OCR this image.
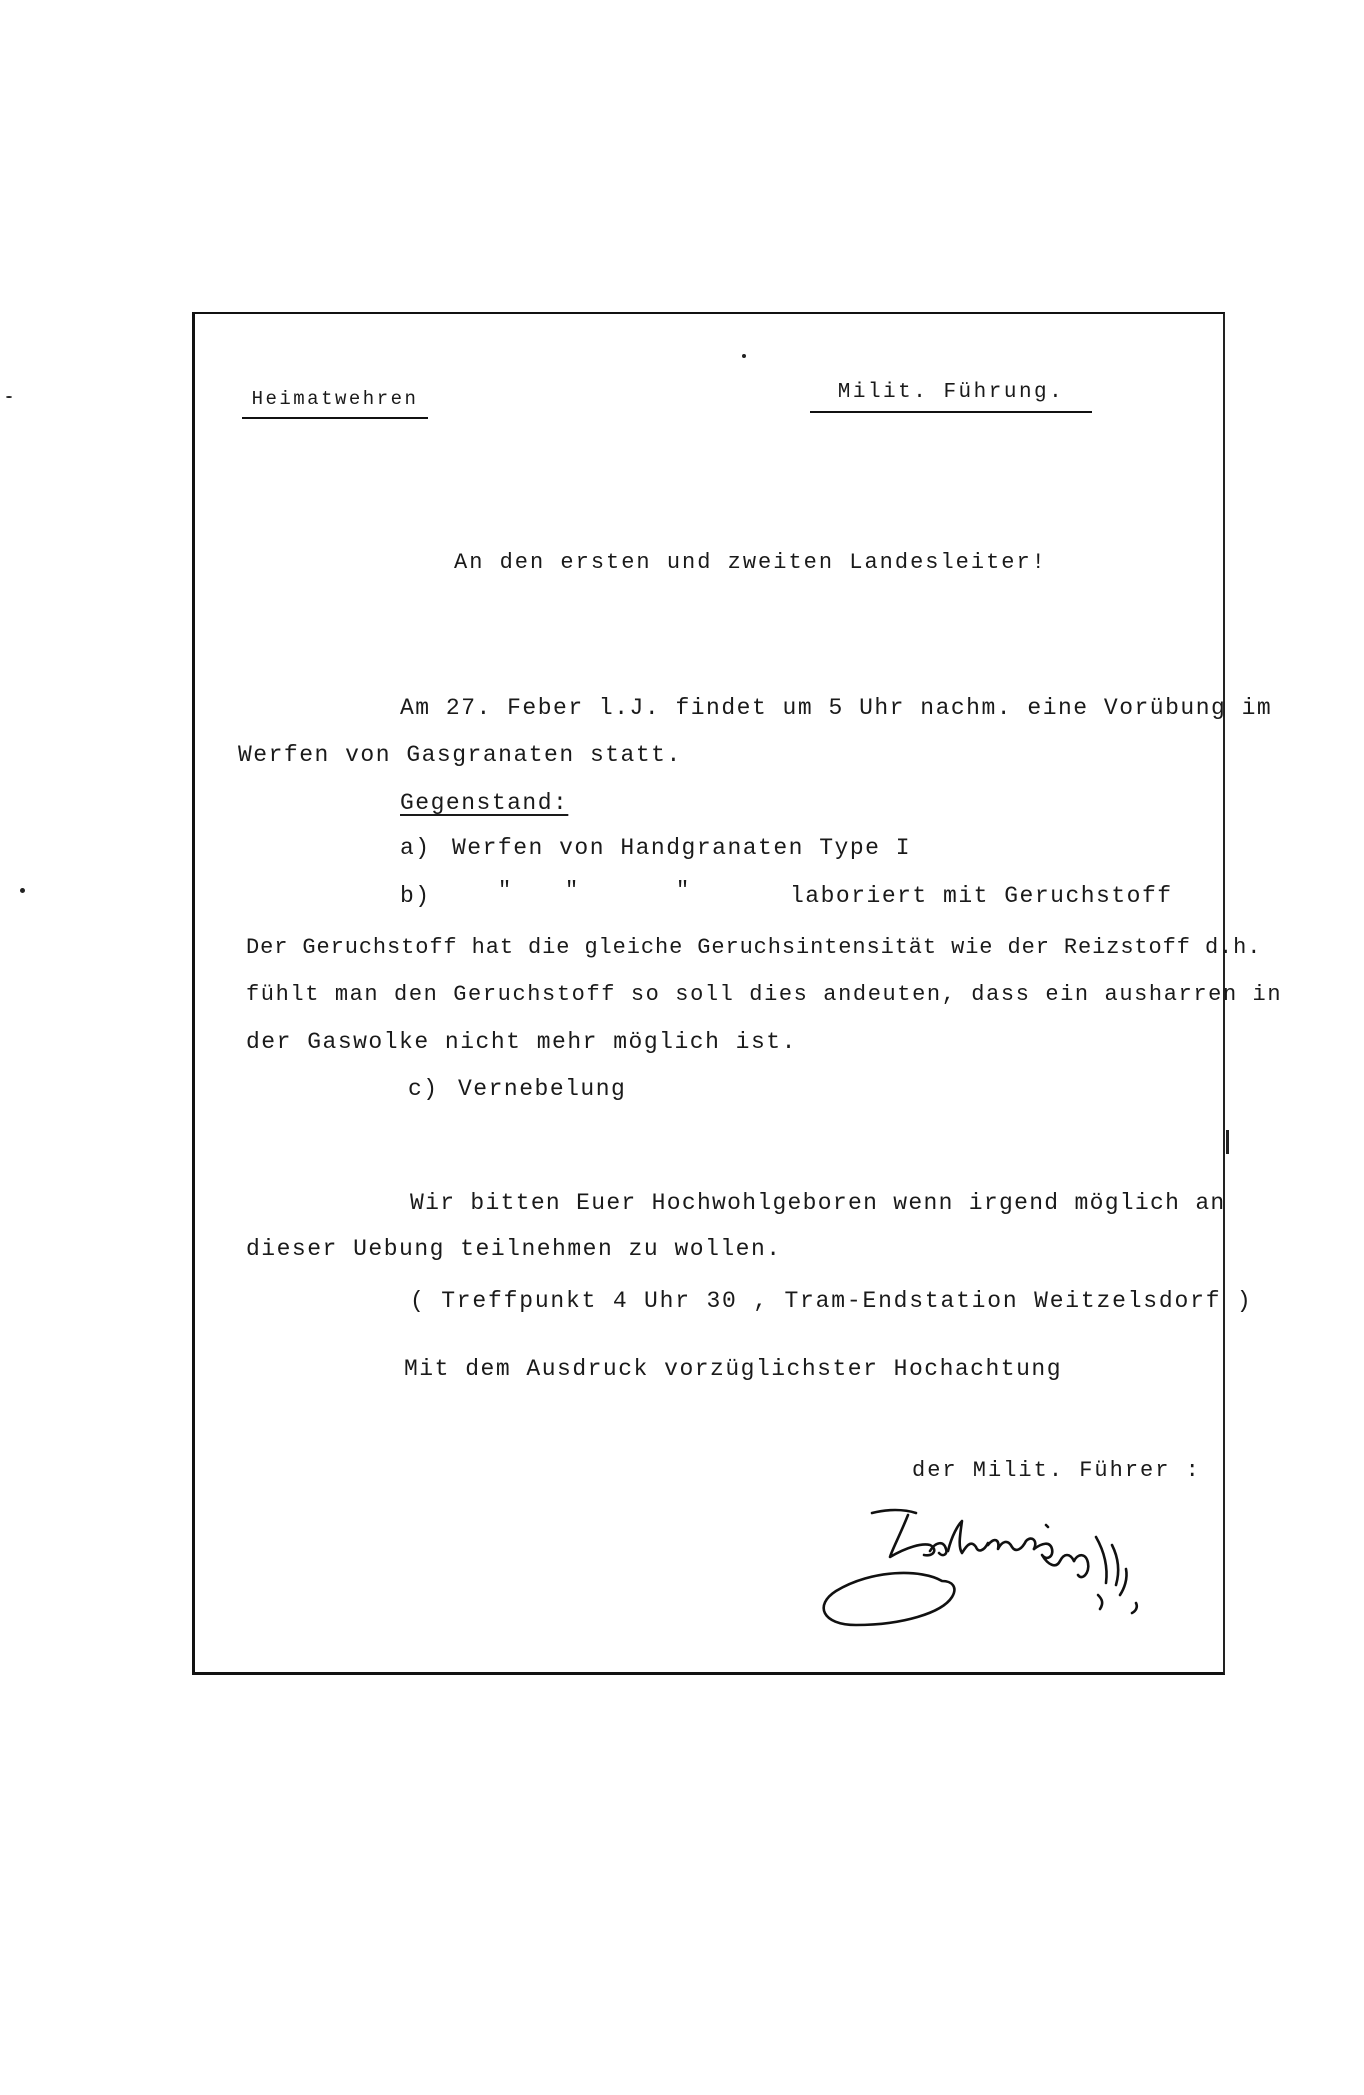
Heimatwehren	Milit. Führung.
An den ersten und zweiten Landesleiter!
Am 27. Feber l.J. findet um 5 Uhr nachm. eine Vorübung im
Werfen von Gasgranaten statt.
Gegenstand:
a) Werfen von Handgranaten Type I
b)	" "	"	laboriert mit Geruchstoff
Der Geruchstoff hat die gleiche Geruchsintensität wie der Reizstoff d.h.
fühlt man den Geruchstoff so soll dies andeuten, dass ein ausharren in
der Gaswolke nicht mehr möglich ist.
c) Vernebelung
Wir bitten Euer Hochwohlgeboren wenn irgend möglich an
dieser Uebung teilnehmen zu wollen.
( Treffpunkt 4 Uhr 30 , Tram-Endstation Weitzelsdorf )
Mit dem Ausdruck vorzüglichster Hochachtung
der Milit. Führer :
